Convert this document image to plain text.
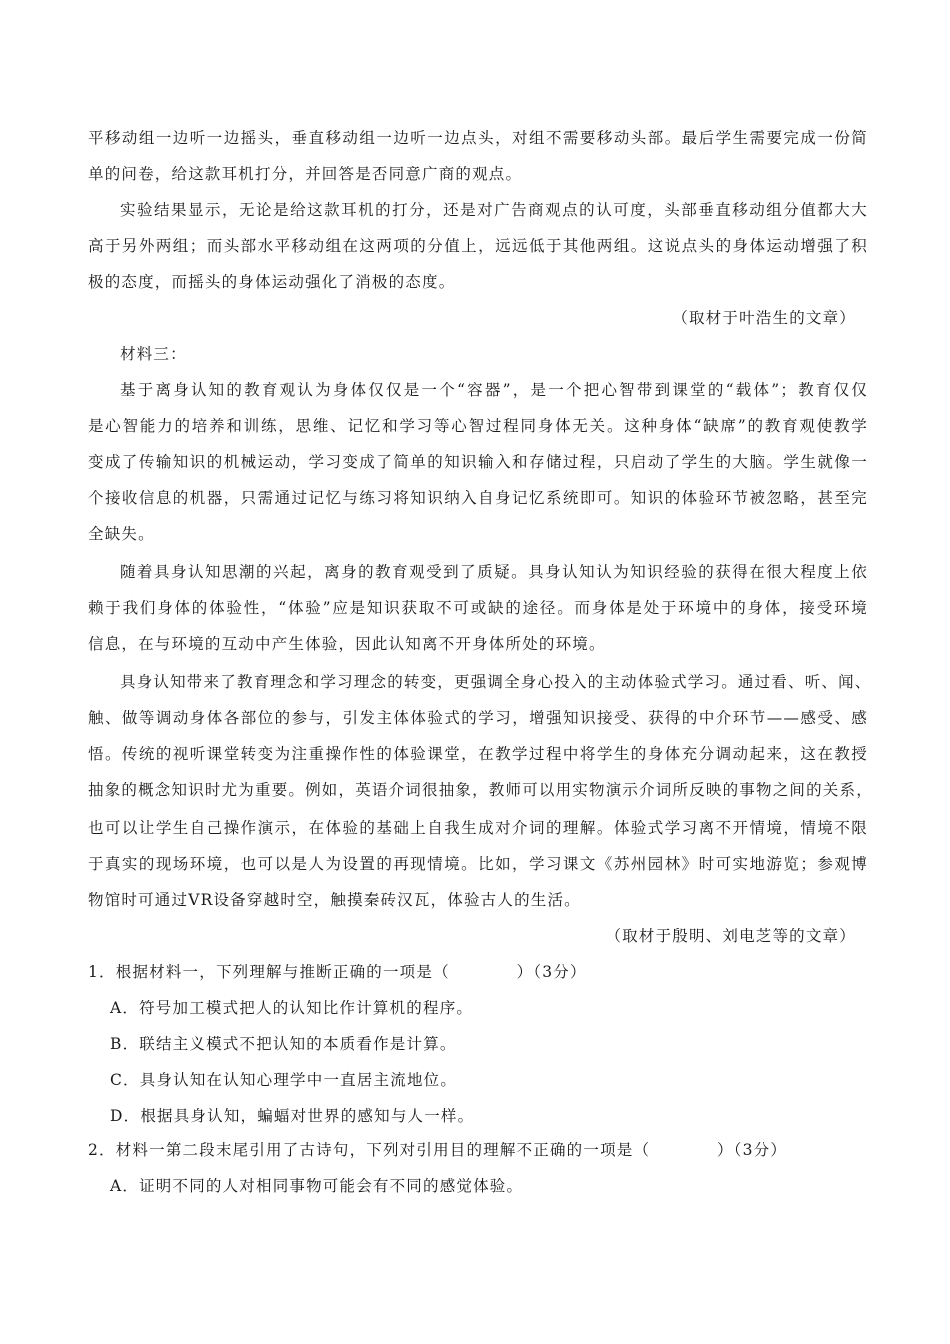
平移动组一边听一边摇头，垂直移动组一边听一边点头，对组不需要移动头部。最后学生需要完成一份简
单的问卷，给这款耳机打分，并回答是否同意广商的观点。
实验结果显示，无论是给这款耳机的打分，还是对广告商观点的认可度，头部垂直移动组分值都大大
高于另外两组；而头部水平移动组在这两项的分值上，远远低于其他两组。这说点头的身体运动增强了积
极的态度，而摇头的身体运动强化了消极的态度。
（取材于叶浩生的文章）
材料三：
基于离身认知的教育观认为身体仅仅是一个“容器”，是一个把心智带到课堂的“载体”；教育仅仅
是心智能力的培养和训练，思维、记忆和学习等心智过程同身体无关。这种身体“缺席”的教育观使教学
变成了传输知识的机械运动，学习变成了简单的知识输入和存储过程，只启动了学生的大脑。学生就像一
个接收信息的机器，只需通过记忆与练习将知识纳入自身记忆系统即可。知识的体验环节被忽略，甚至完
全缺失。
随着具身认知思潮的兴起，离身的教育观受到了质疑。具身认知认为知识经验的获得在很大程度上依
赖于我们身体的体验性，“体验”应是知识获取不可或缺的途径。而身体是处于环境中的身体，接受环境
信息，在与环境的互动中产生体验，因此认知离不开身体所处的环境。
具身认知带来了教育理念和学习理念的转变，更强调全身心投入的主动体验式学习。通过看、听、闻、
触、做等调动身体各部位的参与，引发主体体验式的学习，增强知识接受、获得的中介环节——感受、感
悟。传统的视听课堂转变为注重操作性的体验课堂，在教学过程中将学生的身体充分调动起来，这在教授
抽象的概念知识时尤为重要。例如，英语介词很抽象，教师可以用实物演示介词所反映的事物之间的关系，
也可以让学生自己操作演示，在体验的基础上自我生成对介词的理解。体验式学习离不开情境，情境不限
于真实的现场环境，也可以是人为设置的再现情境。比如，学习课文《苏州园林》时可实地游览；参观博
物馆时可通过VR设备穿越时空，触摸秦砖汉瓦，体验古人的生活。
（取材于殷明、刘电芝等的文章）
1．根据材料一，下列理解与推断正确的一项是（　　　　）（3分）
A．符号加工模式把人的认知比作计算机的程序。
B．联结主义模式不把认知的本质看作是计算。
C．具身认知在认知心理学中一直居主流地位。
D．根据具身认知，蝙蝠对世界的感知与人一样。
2．材料一第二段末尾引用了古诗句，下列对引用目的理解不正确的一项是（　　　　）（3分）
A．证明不同的人对相同事物可能会有不同的感觉体验。
